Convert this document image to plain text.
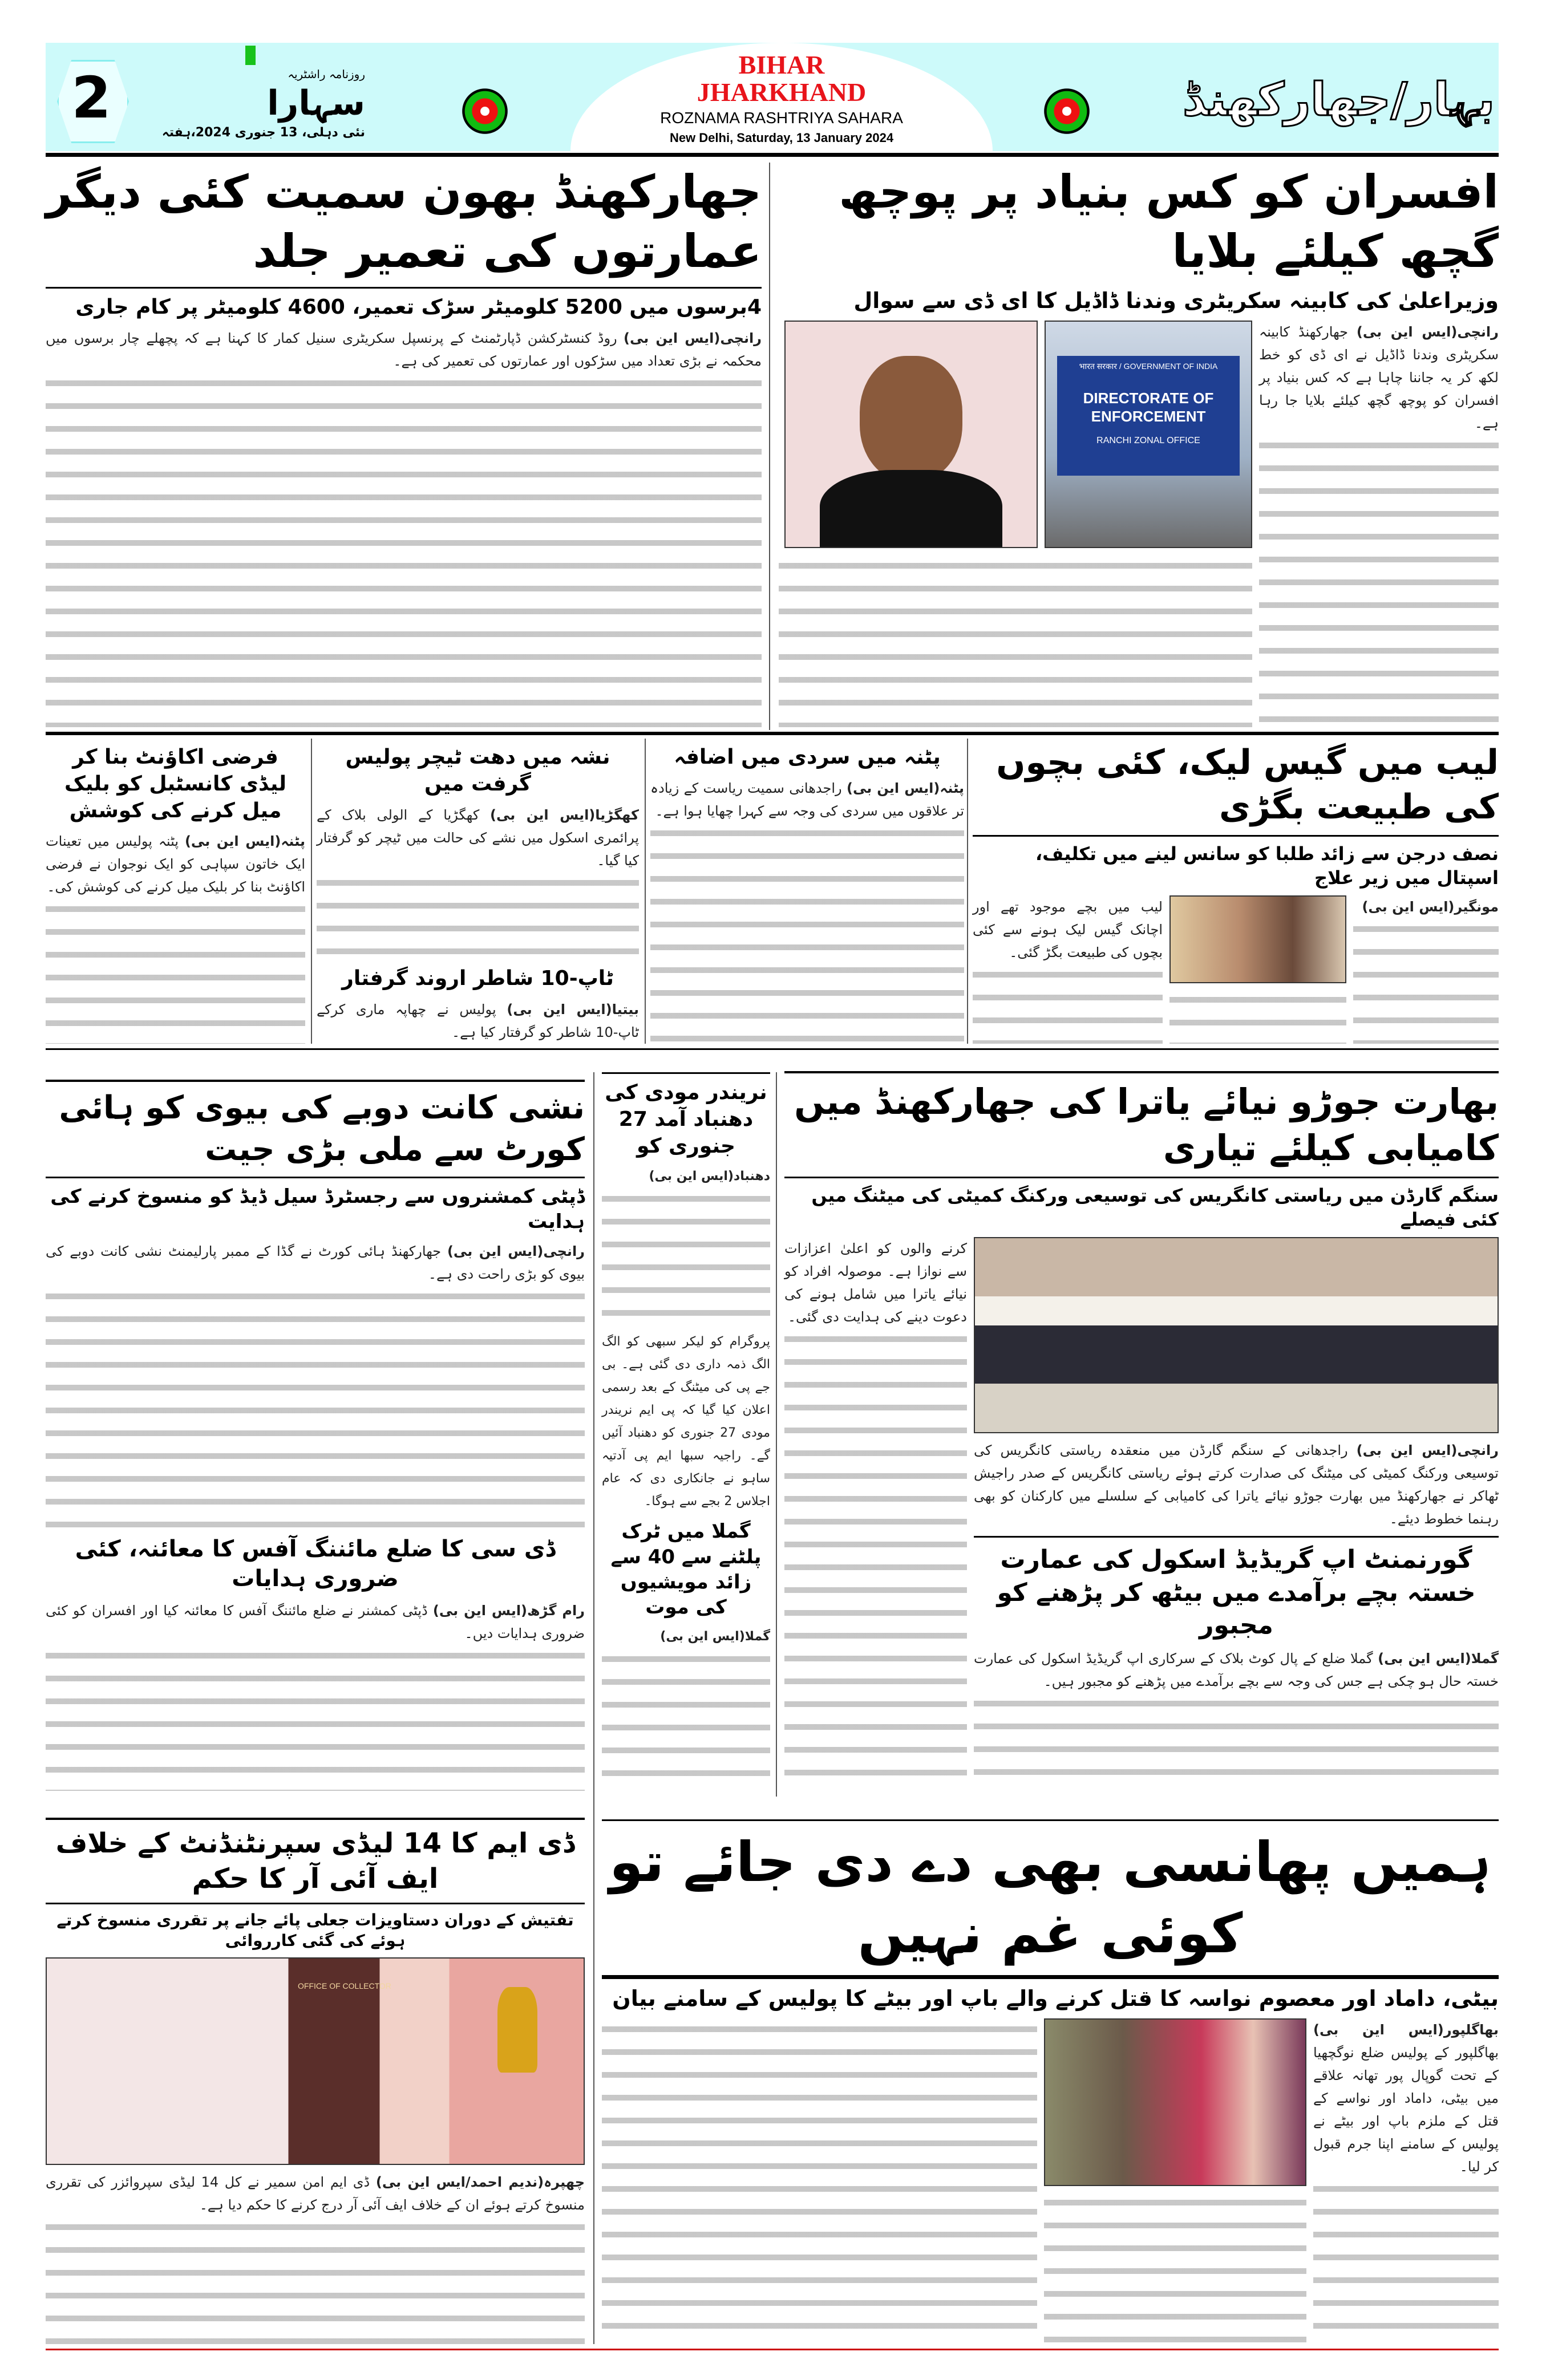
2	روزنامہ راشٹریہ
سہارا
نئی دہلی، 13 جنوری 2024،ہفتہ
BIHAR
JHARKHAND
ROZNAMA RASHTRIYA SAHARA
New Delhi, Saturday, 13 January 2024
بہار/جھارکھنڈ
افسران کو کس بنیاد پر پوچھ گچھ کیلئے بلایا
وزیراعلیٰ کی کابینہ سکریٹری وندنا ڈاڈیل کا ای ڈی سے سوال
رانچی(ایس این بی) جھارکھنڈ کابینہ سکریٹری وندنا ڈاڈیل نے ای ڈی کو خط لکھ کر یہ جاننا چاہا ہے کہ کس بنیاد پر افسران کو پوچھ گچھ کیلئے بلایا جا رہا ہے۔
भारत सरकार / GOVERNMENT OF INDIA
DIRECTORATE OF ENFORCEMENT
RANCHI ZONAL OFFICE
جھارکھنڈ بھون سمیت کئی دیگر عمارتوں کی تعمیر جلد
4برسوں میں 5200 کلومیٹر سڑک تعمیر، 4600 کلومیٹر پر کام جاری
رانچی(ایس این بی) روڈ کنسٹرکشن ڈپارٹمنٹ کے پرنسپل سکریٹری سنیل کمار کا کہنا ہے کہ پچھلے چار برسوں میں محکمہ نے بڑی تعداد میں سڑکوں اور عمارتوں کی تعمیر کی ہے۔
لیب میں گیس لیک، کئی بچوں کی طبیعت بگڑی
نصف درجن سے زائد طلبا کو سانس لینے میں تکلیف، اسپتال میں زیر علاج
مونگیر(ایس این بی)
لیب میں بچے موجود تھے اور اچانک گیس لیک ہونے سے کئی بچوں کی طبیعت بگڑ گئی۔
پٹنہ میں سردی میں اضافہ
پٹنہ(ایس این بی) راجدھانی سمیت ریاست کے زیادہ تر علاقوں میں سردی کی وجہ سے کہرا چھایا ہوا ہے۔
نشہ میں دھت ٹیچر پولیس گرفت میں
کھگڑیا(ایس این بی) کھگڑیا کے الولی بلاک کے پرائمری اسکول میں نشے کی حالت میں ٹیچر کو گرفتار کیا گیا۔
ٹاپ-10 شاطر اروند گرفتار
بیتیا(ایس این بی) پولیس نے چھاپہ ماری کرکے ٹاپ-10 شاطر کو گرفتار کیا ہے۔
فرضی اکاؤنٹ بنا کر لیڈی کانسٹبل کو بلیک میل کرنے کی کوشش
پٹنہ(ایس این بی) پٹنہ پولیس میں تعینات ایک خاتون سپاہی کو ایک نوجوان نے فرضی اکاؤنٹ بنا کر بلیک میل کرنے کی کوشش کی۔
بھارت جوڑو نیائے یاترا کی جھارکھنڈ میں کامیابی کیلئے تیاری
سنگم گارڈن میں ریاستی کانگریس کی توسیعی ورکنگ کمیٹی کی میٹنگ میں کئی فیصلے
رانچی(ایس این بی) راجدھانی کے سنگم گارڈن میں منعقدہ ریاستی کانگریس کی توسیعی ورکنگ کمیٹی کی میٹنگ کی صدارت کرتے ہوئے ریاستی کانگریس کے صدر راجیش ٹھاکر نے جھارکھنڈ میں بھارت جوڑو نیائے یاترا کی کامیابی کے سلسلے میں کارکنان کو بھی رہنما خطوط دیئے۔
گورنمنٹ اپ گریڈیڈ اسکول کی عمارت خستہ بچے برآمدے میں بیٹھ کر پڑھنے کو مجبور
گملا(ایس این بی) گملا ضلع کے پال کوٹ بلاک کے سرکاری اپ گریڈیڈ اسکول کی عمارت خستہ حال ہو چکی ہے جس کی وجہ سے بچے برآمدے میں پڑھنے کو مجبور ہیں۔
کرنے والوں کو اعلیٰ اعزازات سے نوازا ہے۔ موصولہ افراد کو نیائے یاترا میں شامل ہونے کی دعوت دینے کی ہدایت دی گئی۔
نریندر مودی کی دھنباد آمد 27 جنوری کو
دھنباد(ایس این بی)
پروگرام کو لیکر سبھی کو الگ الگ ذمہ داری دی گئی ہے۔ بی جے پی کی میٹنگ کے بعد رسمی اعلان کیا گیا کہ پی ایم نریندر مودی 27 جنوری کو دھنباد آئیں گے۔ راجیہ سبھا ایم پی آدتیہ ساہو نے جانکاری دی کہ عام اجلاس 2 بجے سے ہوگا۔
گملا میں ٹرک پلٹنے سے 40 سے زائد مویشیوں کی موت
گملا(ایس این بی)
نشی کانت دوبے کی بیوی کو ہائی کورٹ سے ملی بڑی جیت
ڈپٹی کمشنروں سے رجسٹرڈ سیل ڈیڈ کو منسوخ کرنے کی ہدایت
رانچی(ایس این بی) جھارکھنڈ ہائی کورٹ نے گڈا کے ممبر پارلیمنٹ نشی کانت دوبے کی بیوی کو بڑی راحت دی ہے۔
ڈی سی کا ضلع مائننگ آفس کا معائنہ، کئی ضروری ہدایات
رام گڑھ(ایس این بی) ڈپٹی کمشنر نے ضلع مائننگ آفس کا معائنہ کیا اور افسران کو کئی ضروری ہدایات دیں۔
ڈی ایم کا 14 لیڈی سپرنٹنڈنٹ کے خلاف ایف آئی آر کا حکم
تفتیش کے دوران دستاویزات جعلی پائے جانے پر تقرری منسوخ کرتے ہوئے کی گئی کارروائی
OFFICE OF COLLECTOR
چھپرہ(ندیم احمد/ایس این بی) ڈی ایم امن سمیر نے کل 14 لیڈی سپروائزر کی تقرری منسوخ کرتے ہوئے ان کے خلاف ایف آئی آر درج کرنے کا حکم دیا ہے۔
ہمیں پھانسی بھی دے دی جائے تو کوئی غم نہیں
بیٹی، داماد اور معصوم نواسہ کا قتل کرنے والے باپ اور بیٹے کا پولیس کے سامنے بیان
بھاگلپور(ایس این بی) بھاگلپور کے پولیس ضلع نوگچھیا کے تحت گوپال پور تھانہ علاقے میں بیٹی، داماد اور نواسے کے قتل کے ملزم باپ اور بیٹے نے پولیس کے سامنے اپنا جرم قبول کر لیا۔
